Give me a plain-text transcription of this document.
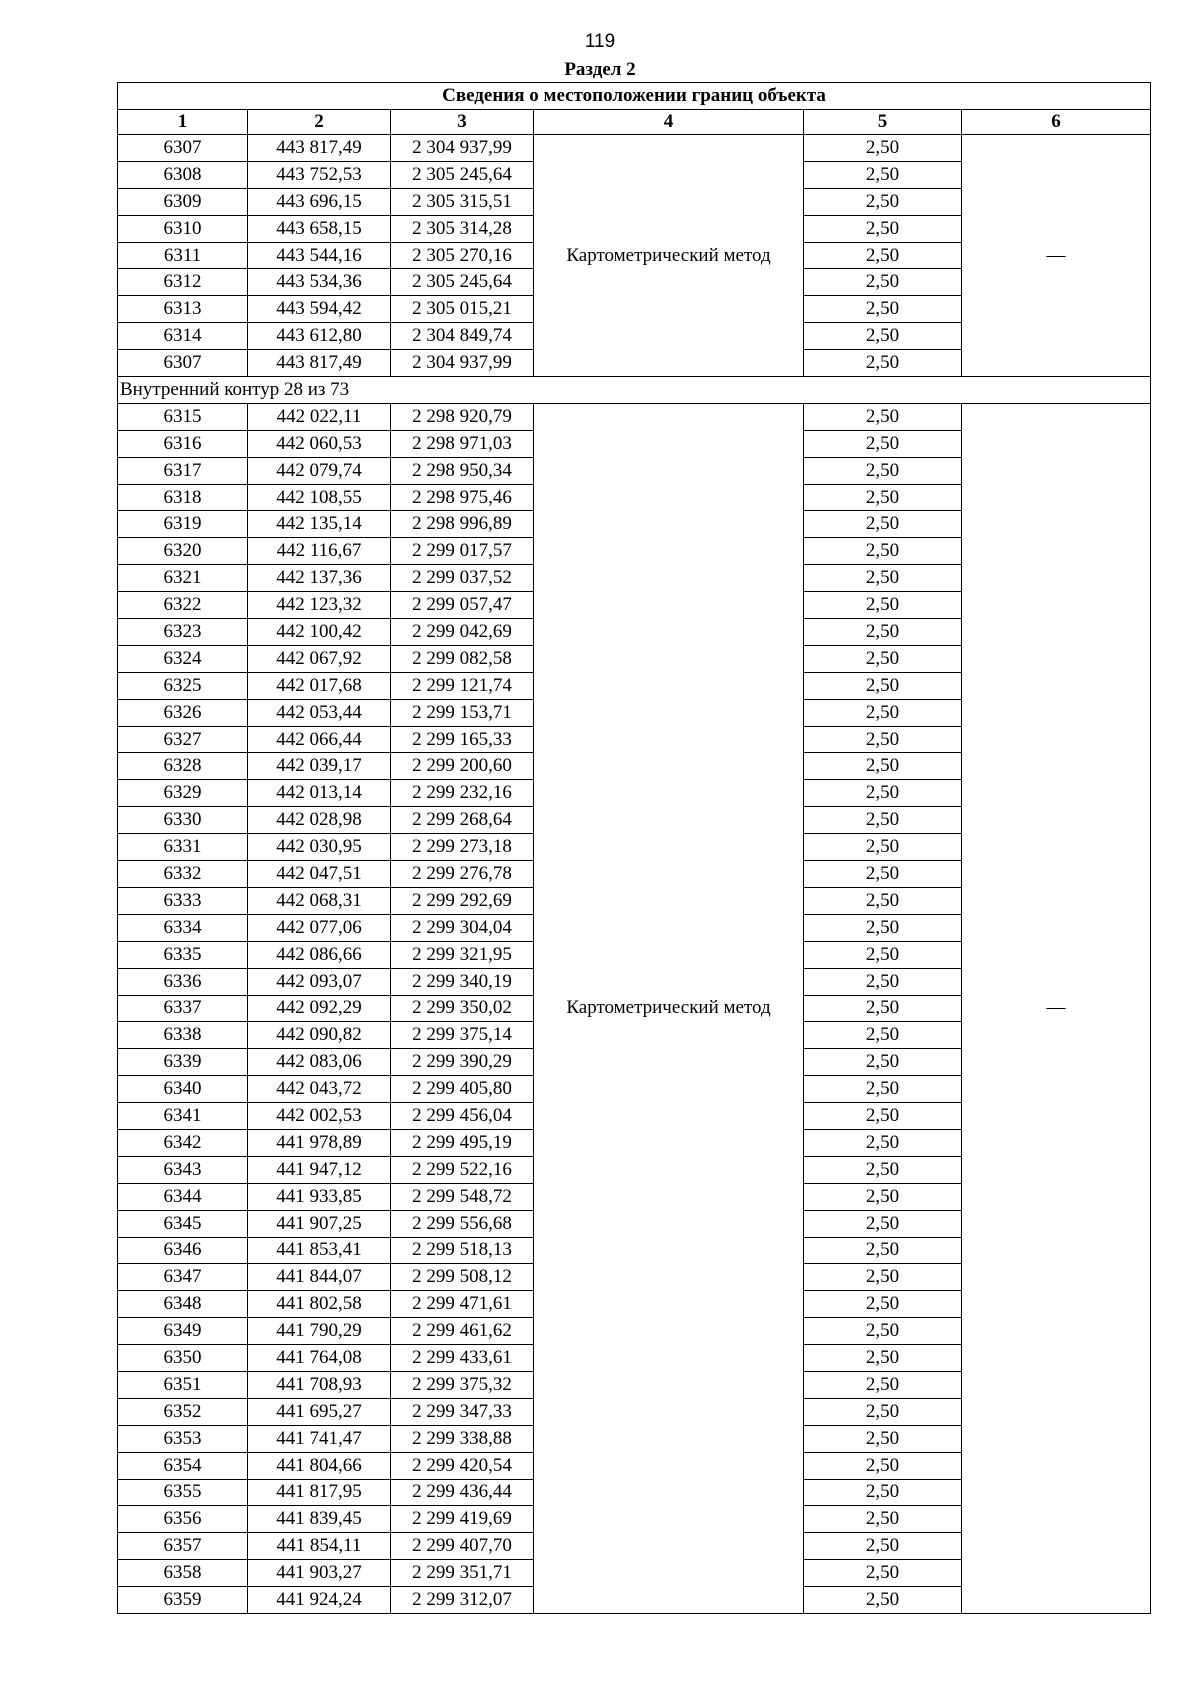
119
Раздел 2
Сведения о местоположении границ объекта					
1	2	3	4	5	6
6307	443 817,49	2 304 937,99	Картометрический метод	2,50	—
6308	443 752,53	2 305 245,64		2,50	
6309	443 696,15	2 305 315,51		2,50	
6310	443 658,15	2 305 314,28		2,50	
6311	443 544,16	2 305 270,16		2,50	
6312	443 534,36	2 305 245,64		2,50	
6313	443 594,42	2 305 015,21		2,50	
6314	443 612,80	2 304 849,74		2,50	
6307	443 817,49	2 304 937,99		2,50	
Внутренний контур 28 из 73					
6315	442 022,11	2 298 920,79	Картометрический метод	2,50	—
6316	442 060,53	2 298 971,03		2,50	
6317	442 079,74	2 298 950,34		2,50	
6318	442 108,55	2 298 975,46		2,50	
6319	442 135,14	2 298 996,89		2,50	
6320	442 116,67	2 299 017,57		2,50	
6321	442 137,36	2 299 037,52		2,50	
6322	442 123,32	2 299 057,47		2,50	
6323	442 100,42	2 299 042,69		2,50	
6324	442 067,92	2 299 082,58		2,50	
6325	442 017,68	2 299 121,74		2,50	
6326	442 053,44	2 299 153,71		2,50	
6327	442 066,44	2 299 165,33		2,50	
6328	442 039,17	2 299 200,60		2,50	
6329	442 013,14	2 299 232,16		2,50	
6330	442 028,98	2 299 268,64		2,50	
6331	442 030,95	2 299 273,18		2,50	
6332	442 047,51	2 299 276,78		2,50	
6333	442 068,31	2 299 292,69		2,50	
6334	442 077,06	2 299 304,04		2,50	
6335	442 086,66	2 299 321,95		2,50	
6336	442 093,07	2 299 340,19		2,50	
6337	442 092,29	2 299 350,02		2,50	
6338	442 090,82	2 299 375,14		2,50	
6339	442 083,06	2 299 390,29		2,50	
6340	442 043,72	2 299 405,80		2,50	
6341	442 002,53	2 299 456,04		2,50	
6342	441 978,89	2 299 495,19		2,50	
6343	441 947,12	2 299 522,16		2,50	
6344	441 933,85	2 299 548,72		2,50	
6345	441 907,25	2 299 556,68		2,50	
6346	441 853,41	2 299 518,13		2,50	
6347	441 844,07	2 299 508,12		2,50	
6348	441 802,58	2 299 471,61		2,50	
6349	441 790,29	2 299 461,62		2,50	
6350	441 764,08	2 299 433,61		2,50	
6351	441 708,93	2 299 375,32		2,50	
6352	441 695,27	2 299 347,33		2,50	
6353	441 741,47	2 299 338,88		2,50	
6354	441 804,66	2 299 420,54		2,50	
6355	441 817,95	2 299 436,44		2,50	
6356	441 839,45	2 299 419,69		2,50	
6357	441 854,11	2 299 407,70		2,50	
6358	441 903,27	2 299 351,71		2,50	
6359	441 924,24	2 299 312,07		2,50	
